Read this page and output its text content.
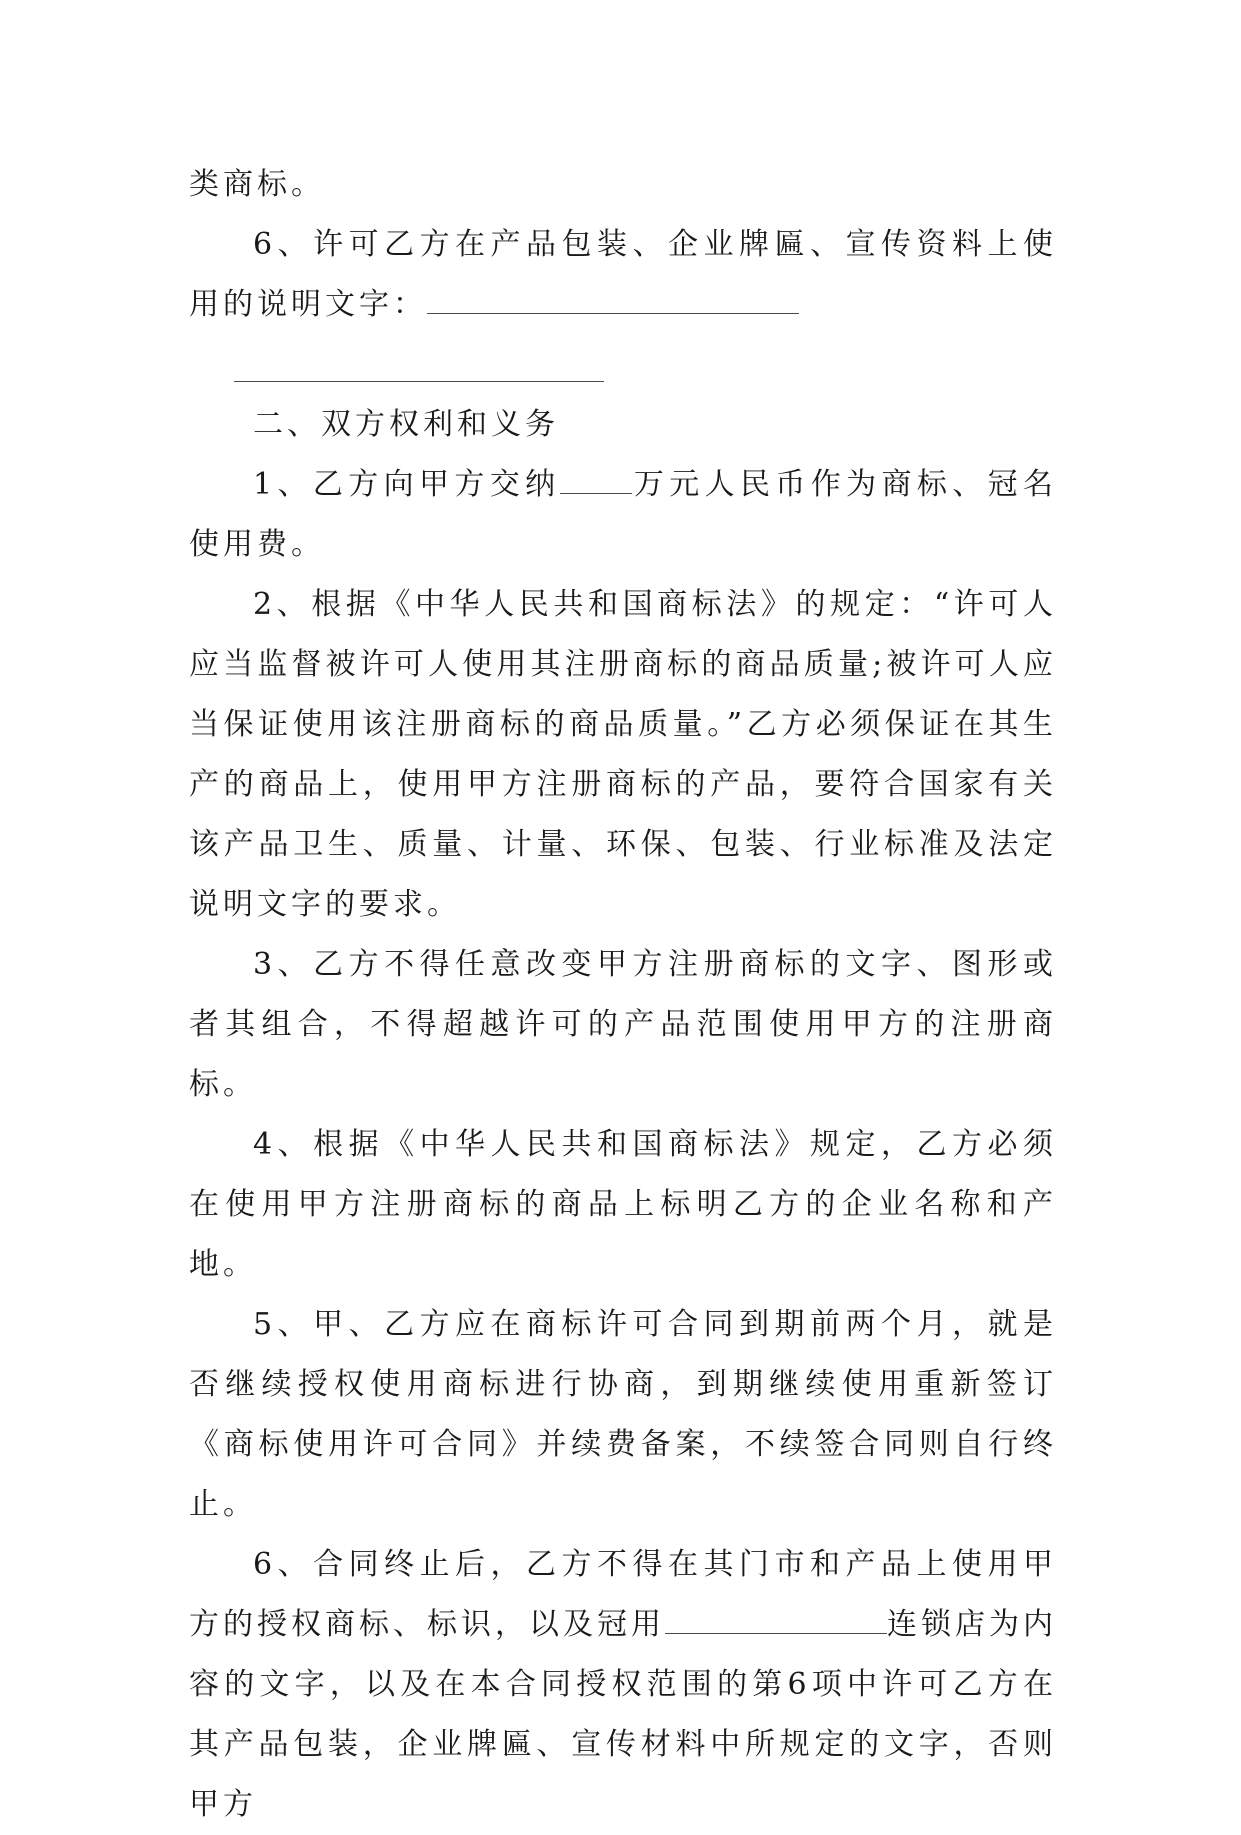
类商标。

6、许可乙方在产品包装、企业牌匾、宣传资料上使用的说明文字：

二、双方权利和义务

1、乙方向甲方交纳 万元人民币作为商标、冠名使用费。

2、根据《中华人民共和国商标法》的规定：“许可人应当监督被许可人使用其注册商标的商品质量;被许可人应当保证使用该注册商标的商品质量。”乙方必须保证在其生产的商品上，使用甲方注册商标的产品，要符合国家有关该产品卫生、质量、计量、环保、包装、行业标准及法定说明文字的要求。

3、乙方不得任意改变甲方注册商标的文字、图形或者其组合，不得超越许可的产品范围使用甲方的注册商标。

4、根据《中华人民共和国商标法》规定，乙方必须在使用甲方注册商标的商品上标明乙方的企业名称和产地。

5、甲、乙方应在商标许可合同到期前两个月，就是否继续授权使用商标进行协商，到期继续使用重新签订《商标使用许可合同》并续费备案，不续签合同则自行终止。

6、合同终止后，乙方不得在其门市和产品上使用甲方的授权商标、标识，以及冠用	连锁店为内容的文字，以及在本合同授权范围的第6项中许可乙方在其产品包装，企业牌匾、宣传材料中所规定的文字，否则甲方
